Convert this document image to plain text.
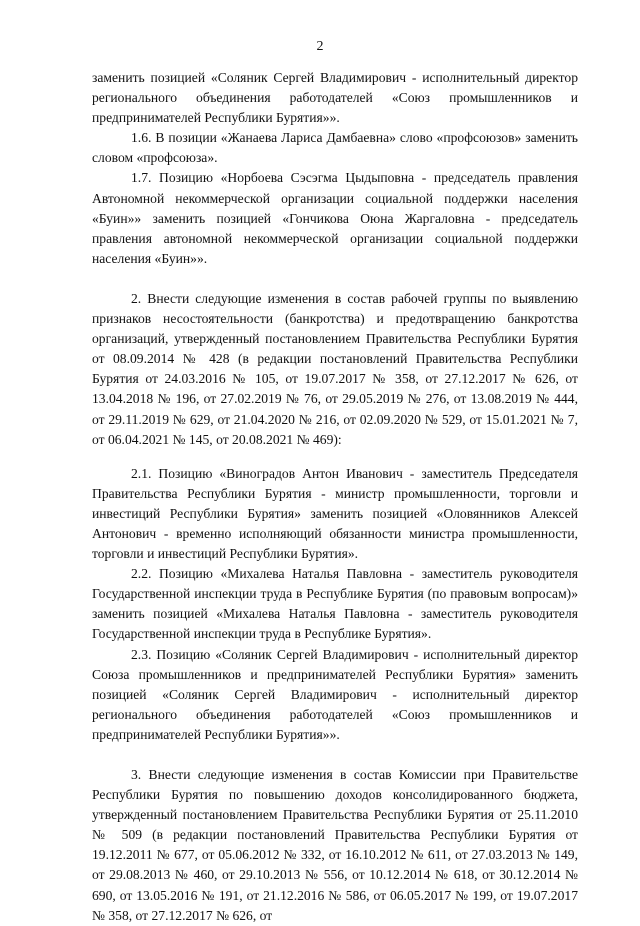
2

заменить позицией «Соляник Сергей Владимирович - исполнительный директор регионального объединения работодателей «Союз промышленников и предпринимателей Республики Бурятия»».

1.6. В позиции «Жанаева Лариса Дамбаевна» слово «профсоюзов» заменить словом «профсоюза».

1.7. Позицию «Норбоева Сэсэгма Цыдыповна - председатель правления Автономной некоммерческой организации социальной поддержки населения «Буин»» заменить позицией «Гончикова Оюна Жаргаловна - председатель правления автономной некоммерческой организации социальной поддержки населения «Буин»».

2. Внести следующие изменения в состав рабочей группы по выявлению признаков несостоятельности (банкротства) и предотвращению банкротства организаций, утвержденный постановлением Правительства Республики Бурятия от 08.09.2014 № 428 (в редакции постановлений Правительства Республики Бурятия от 24.03.2016 № 105, от 19.07.2017 № 358, от 27.12.2017 № 626, от 13.04.2018 № 196, от 27.02.2019 № 76, от 29.05.2019 № 276, от 13.08.2019 № 444, от 29.11.2019 № 629, от 21.04.2020 № 216, от 02.09.2020 № 529, от 15.01.2021 № 7, от 06.04.2021 № 145, от 20.08.2021 № 469):

2.1. Позицию «Виноградов Антон Иванович - заместитель Председателя Правительства Республики Бурятия - министр промышленности, торговли и инвестиций Республики Бурятия» заменить позицией «Оловянников Алексей Антонович - временно исполняющий обязанности министра промышленности, торговли и инвестиций Республики Бурятия».

2.2. Позицию «Михалева Наталья Павловна - заместитель руководителя Государственной инспекции труда в Республике Бурятия (по правовым вопросам)» заменить позицией «Михалева Наталья Павловна - заместитель руководителя Государственной инспекции труда в Республике Бурятия».

2.3. Позицию «Соляник Сергей Владимирович - исполнительный директор Союза промышленников и предпринимателей Республики Бурятия» заменить позицией «Соляник Сергей Владимирович - исполнительный директор регионального объединения работодателей «Союз промышленников и предпринимателей Республики Бурятия»».

3. Внести следующие изменения в состав Комиссии при Правительстве Республики Бурятия по повышению доходов консолидированного бюджета, утвержденный постановлением Правительства Республики Бурятия от 25.11.2010 № 509 (в редакции постановлений Правительства Республики Бурятия от 19.12.2011 № 677, от 05.06.2012 № 332, от 16.10.2012 № 611, от 27.03.2013 № 149, от 29.08.2013 № 460, от 29.10.2013 № 556, от 10.12.2014 № 618, от 30.12.2014 № 690, от 13.05.2016 № 191, от 21.12.2016 № 586, от 06.05.2017 № 199, от 19.07.2017 № 358, от 27.12.2017 № 626, от
